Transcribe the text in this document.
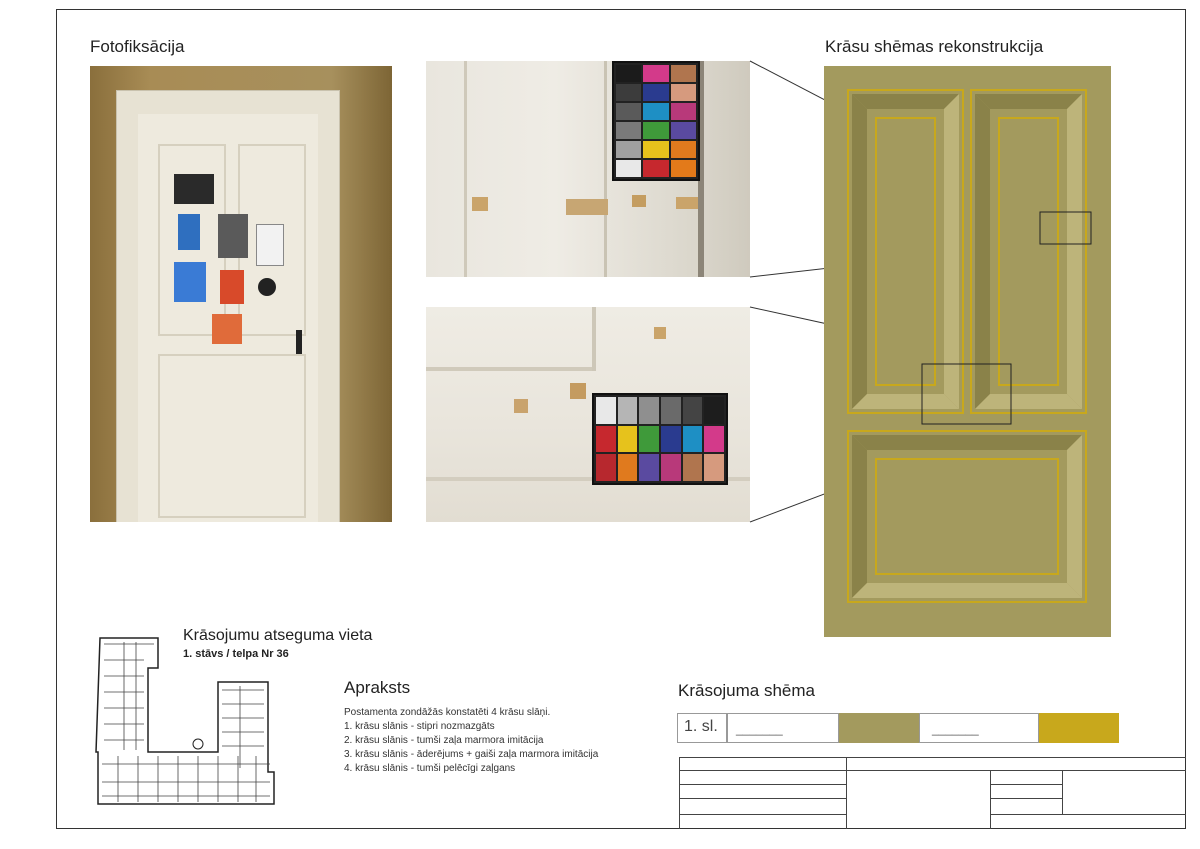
Fotofiksācija	Krāsu shēmas rekonstrukcija
Krāsojumu atseguma vieta
1. stāvs / telpa Nr 36
Apraksts

Postamenta zondāžās konstatēti 4 krāsu slāņi.

1. krāsu slānis - stipri nozmazgāts

2. krāsu slānis - tumši zaļa marmora imitācija

3. krāsu slānis - āderējums + gaiši zaļa marmora imitācija

4. krāsu slānis - tumši pelēcīgi zaļgans

Krāsojuma shēma
1. sl.	_______	_______
